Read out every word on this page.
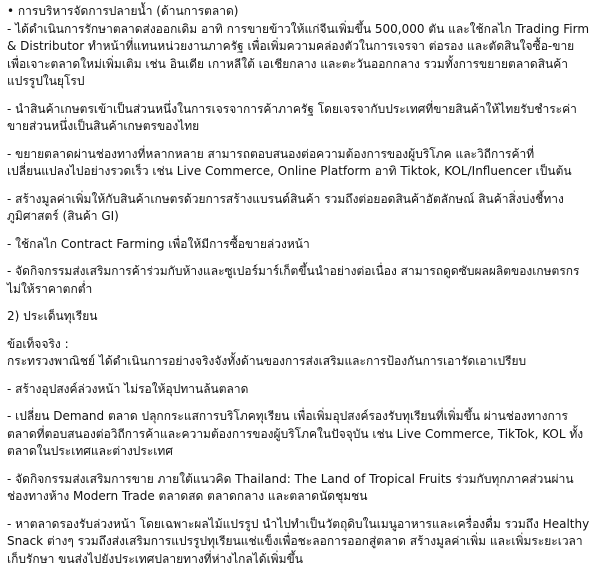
• การบริหารจัดการปลายน้ำ (ด้านการตลาด)

- ได้ดำเนินการรักษาตลาดส่งออกเดิม อาทิ การขายข้าวให้แก่จีนเพิ่มขึ้น 500,000 ตัน และใช้กลไก Trading Firm & Distributor ทำหน้าที่แทนหน่วยงานภาครัฐ เพื่อเพิ่มความคล่องตัวในการเจรจา ต่อรอง และตัดสินใจซื้อ-ขาย เพื่อเจาะตลาดใหม่เพิ่มเติม เช่น อินเดีย เกาหลีใต้ เอเชียกลาง และตะวันออกกลาง รวมทั้งการขยายตลาดสินค้าแปรรูปในยุโรป

- นำสินค้าเกษตรเข้าเป็นส่วนหนึ่งในการเจรจาการค้าภาครัฐ โดยเจรจากับประเทศที่ขายสินค้าให้ไทยรับชำระค่าขายส่วนหนึ่งเป็นสินค้าเกษตรของไทย

- ขยายตลาดผ่านช่องทางที่หลากหลาย สามารถตอบสนองต่อความต้องการของผู้บริโภค และวิถีการค้าที่เปลี่ยนแปลงไปอย่างรวดเร็ว เช่น Live Commerce, Online Platform อาทิ Tiktok, KOL/Influencer เป็นต้น

- สร้างมูลค่าเพิ่มให้กับสินค้าเกษตรด้วยการสร้างแบรนด์สินค้า รวมถึงต่อยอดสินค้าอัตลักษณ์ สินค้าสิ่งบ่งชี้ทางภูมิศาสตร์ (สินค้า GI)

- ใช้กลไก Contract Farming เพื่อให้มีการซื้อขายล่วงหน้า

- จัดกิจกรรมส่งเสริมการค้าร่วมกับห้างและซูเปอร์มาร์เก็ตขึ้นนำอย่างต่อเนื่อง สามารถดูดซับผลผลิตของเกษตรกรไม่ให้ราคาตกต่ำ

2) ประเด็นทุเรียน

ข้อเท็จจริง :

กระทรวงพาณิชย์ ได้ดำเนินการอย่างจริงจังทั้งด้านของการส่งเสริมและการป้องกันการเอารัดเอาเปรียบ

- สร้างอุปสงค์ล่วงหน้า ไม่รอให้อุปทานล้นตลาด

- เปลี่ยน Demand ตลาด ปลุกกระแสการบริโภคทุเรียน เพื่อเพิ่มอุปสงค์รองรับทุเรียนที่เพิ่มขึ้น ผ่านช่องทางการตลาดที่ตอบสนองต่อวิถีการค้าและความต้องการของผู้บริโภคในปัจจุบัน เช่น Live Commerce, TikTok, KOL ทั้งตลาดในประเทศและต่างประเทศ

- จัดกิจกรรมส่งเสริมการขาย ภายใต้แนวคิด Thailand: The Land of Tropical Fruits ร่วมกับทุกภาคส่วนผ่านช่องทางห้าง Modern Trade ตลาดสด ตลาดกลาง และตลาดนัดชุมชน

- หาตลาดรองรับล่วงหน้า โดยเฉพาะผลไม้แปรรูป นำไปทำเป็นวัตถุดิบในเมนูอาหารและเครื่องดื่ม รวมถึง Healthy Snack ต่างๆ รวมถึงส่งเสริมการแปรรูปทุเรียนแช่แข็งเพื่อชะลอการออกสู่ตลาด สร้างมูลค่าเพิ่ม และเพิ่มระยะเวลาเก็บรักษา ขนส่งไปยังประเทศปลายทางที่ห่างไกลได้เพิ่มขึ้น
